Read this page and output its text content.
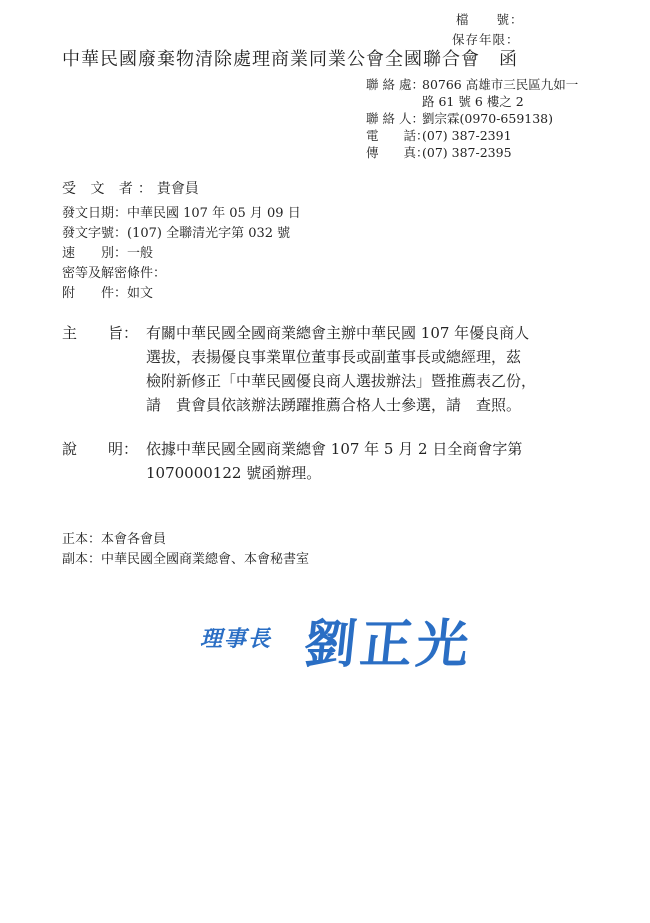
檔　　號：
保存年限：
中華民國廢棄物清除處理商業同業公會全國聯合會　函
聯 絡 處：80766 高雄市三民區九如一
路 61 號 6 樓之 2
聯 絡 人：劉宗霖(0970-659138)
電　　話：(07) 387-2391
傳　　真：(07) 387-2395
受 文 者：貴會員
發文日期：中華民國 107 年 05 月 09 日
發文字號：(107) 全聯清光字第 032 號
速　　別：一般
密等及解密條件：
附　　件：如文
主 旨： 有關中華民國全國商業總會主辦中華民國 107 年優良商人
選拔，表揚優良事業單位董事長或副董事長或總經理，茲
檢附新修正「中華民國優良商人選拔辦法」暨推薦表乙份，
請　貴會員依該辦法踴躍推薦合格人士參選，請　查照。
說 明： 依據中華民國全國商業總會 107 年 5 月 2 日全商會字第
1070000122 號函辦理。
正本：本會各會員
副本：中華民國全國商業總會、本會秘書室
理事長 劉正光
